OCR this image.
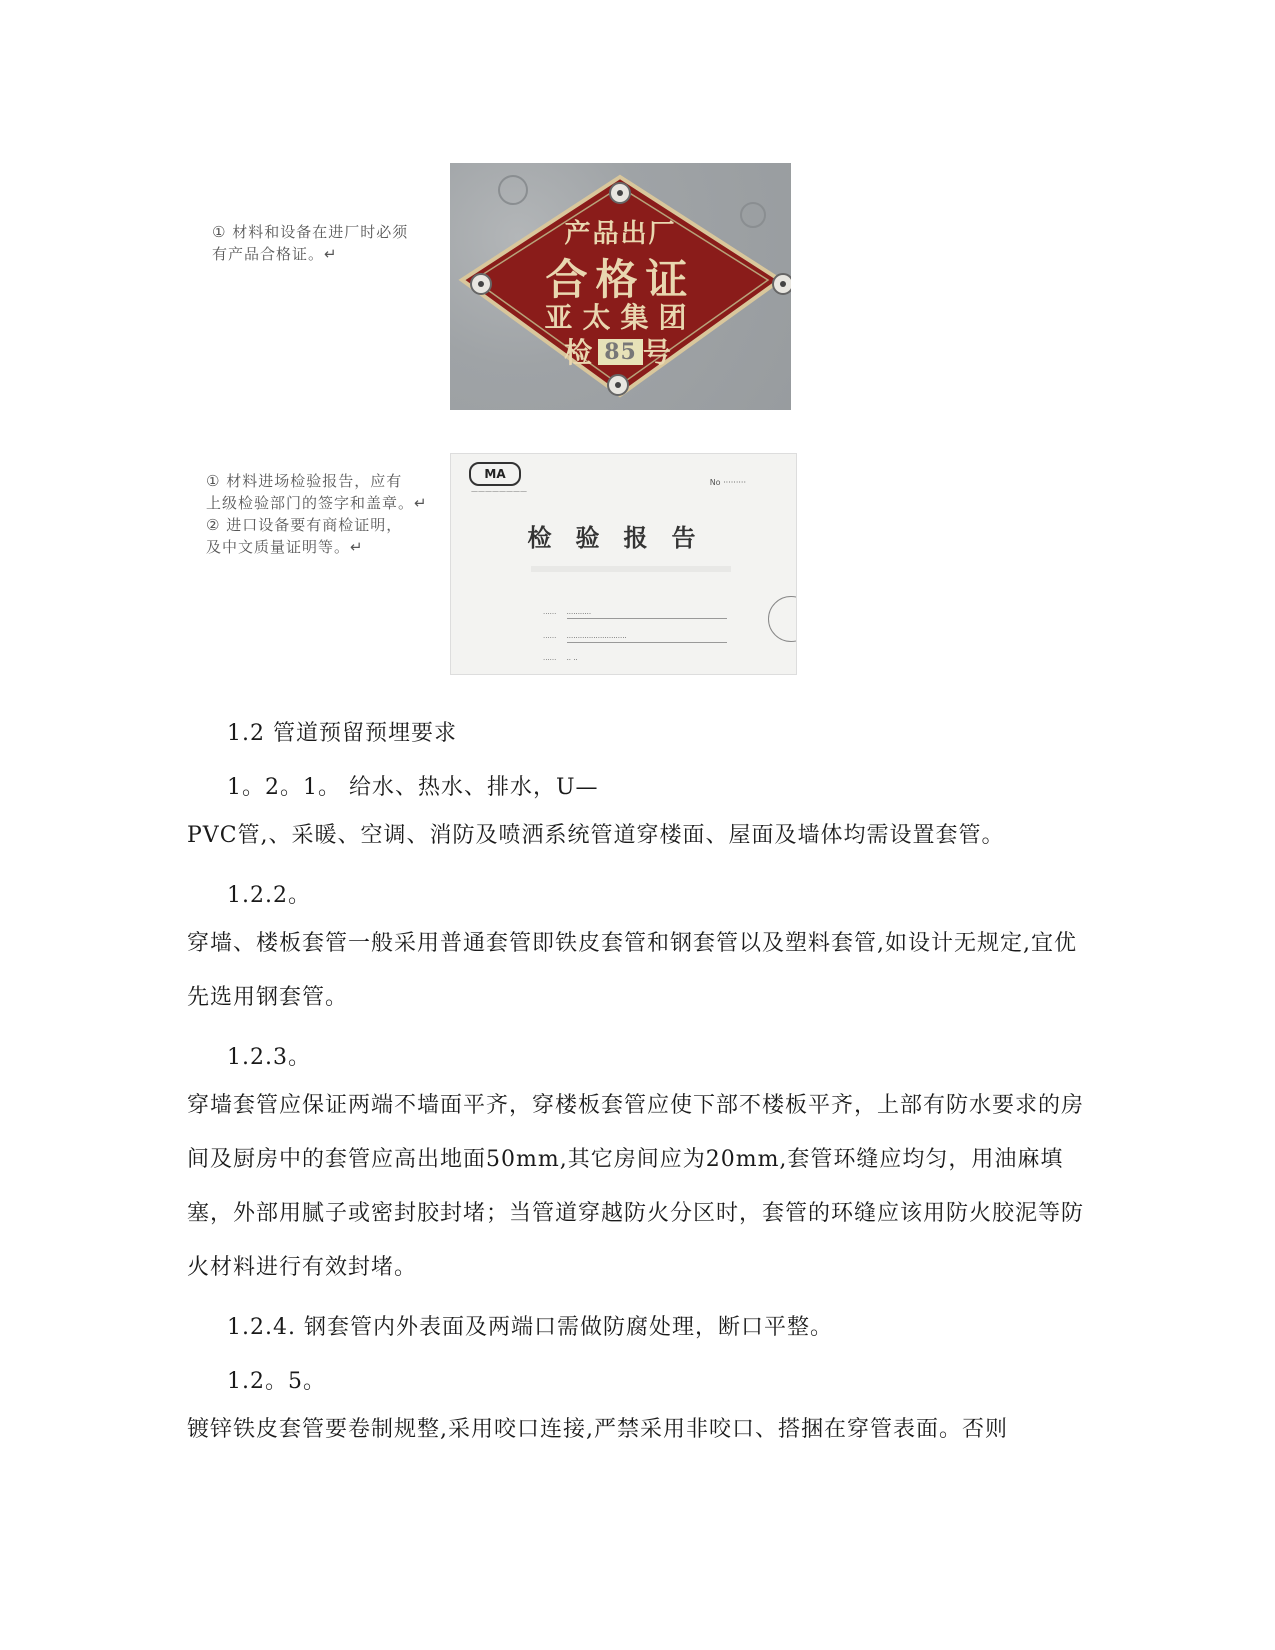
① 材料和设备在进厂时必须
有产品合格证。↵
产品出厂
合格证
亚太集团
检 85 号
① 材料进场检验报告，应有
上级检验部门的签字和盖章。↵
② 进口设备要有商检证明，
及中文质量证明等。↵
MA
————————
No ·········
检验报告
······ ···········
······ ···························
······ ·· ··
1.2 管道预留预埋要求
1。2。1。 给水、热水、排水，U—
PVC管,、采暖、空调、消防及喷洒系统管道穿楼面、屋面及墙体均需设置套管。
1.2.2。
穿墙、楼板套管一般采用普通套管即铁皮套管和钢套管以及塑料套管,如设计无规定,宜优先选用钢套管。
1.2.3。
穿墙套管应保证两端不墙面平齐，穿楼板套管应使下部不楼板平齐，上部有防水要求的房间及厨房中的套管应高出地面50mm,其它房间应为20mm,套管环缝应均匀，用油麻填塞，外部用腻子或密封胶封堵；当管道穿越防火分区时，套管的环缝应该用防火胶泥等防火材料进行有效封堵。
1.2.4. 钢套管内外表面及两端口需做防腐处理，断口平整。
1.2。5。
镀锌铁皮套管要卷制规整,采用咬口连接,严禁采用非咬口、搭捆在穿管表面。否则
